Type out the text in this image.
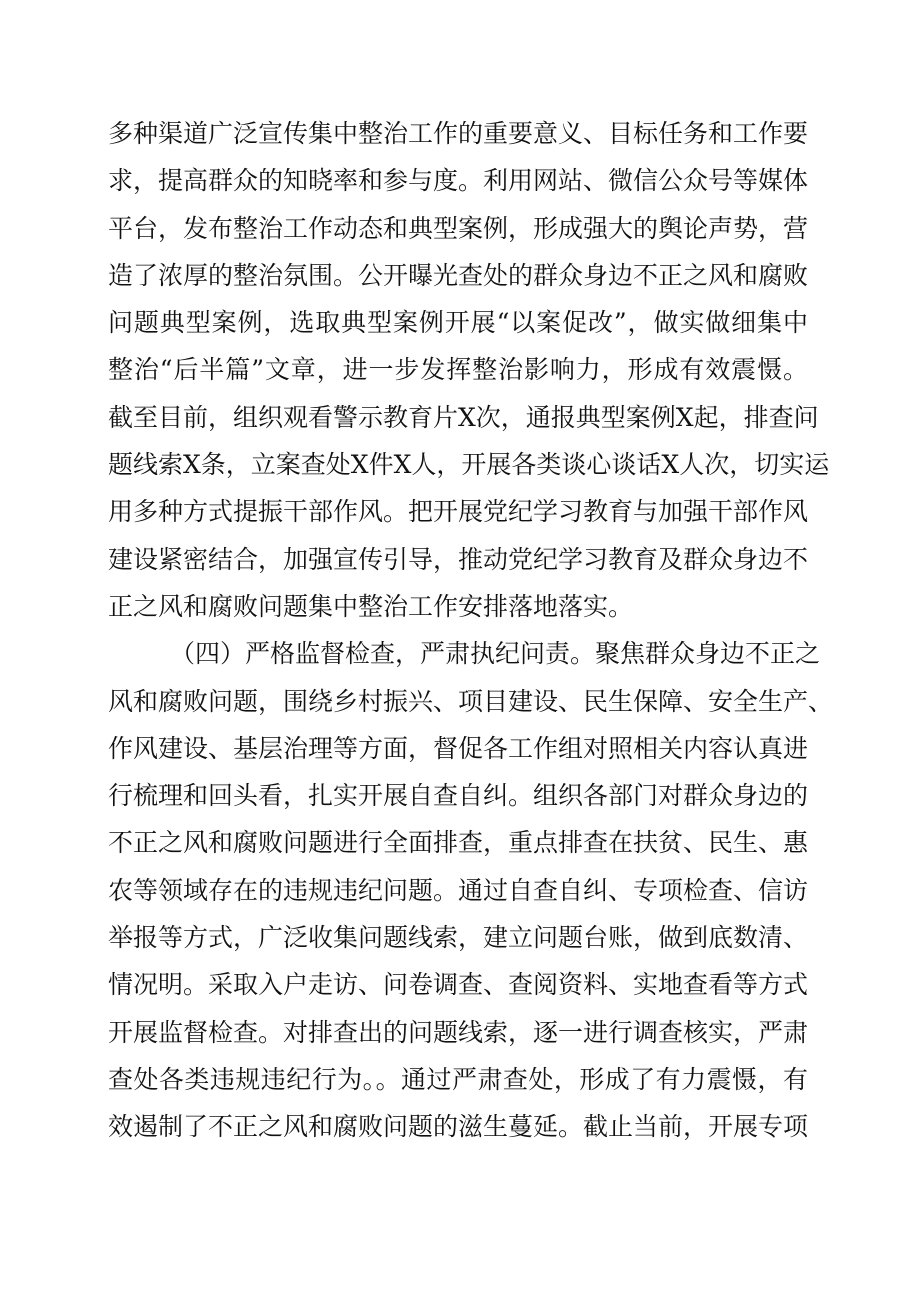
多种渠道广泛宣传集中整治工作的重要意义、目标任务和工作要
求，提高群众的知晓率和参与度。利用网站、微信公众号等媒体
平台，发布整治工作动态和典型案例，形成强大的舆论声势，营
造了浓厚的整治氛围。公开曝光查处的群众身边不正之风和腐败
问题典型案例，选取典型案例开展“以案促改”，做实做细集中
整治“后半篇”文章，进一步发挥整治影响力，形成有效震慑。
截至目前，组织观看警示教育片X次，通报典型案例X起，排查问
题线索X条，立案查处X件X人，开展各类谈心谈话X人次，切实运
用多种方式提振干部作风。把开展党纪学习教育与加强干部作风
建设紧密结合，加强宣传引导，推动党纪学习教育及群众身边不
正之风和腐败问题集中整治工作安排落地落实。
（四）严格监督检查，严肃执纪问责。聚焦群众身边不正之
风和腐败问题，围绕乡村振兴、项目建设、民生保障、安全生产、
作风建设、基层治理等方面，督促各工作组对照相关内容认真进
行梳理和回头看，扎实开展自查自纠。组织各部门对群众身边的
不正之风和腐败问题进行全面排查，重点排查在扶贫、民生、惠
农等领域存在的违规违纪问题。通过自查自纠、专项检查、信访
举报等方式，广泛收集问题线索，建立问题台账，做到底数清、
情况明。采取入户走访、问卷调查、查阅资料、实地查看等方式
开展监督检查。对排查出的问题线索，逐一进行调查核实，严肃
查处各类违规违纪行为。。通过严肃查处，形成了有力震慑，有
效遏制了不正之风和腐败问题的滋生蔓延。截止当前，开展专项
